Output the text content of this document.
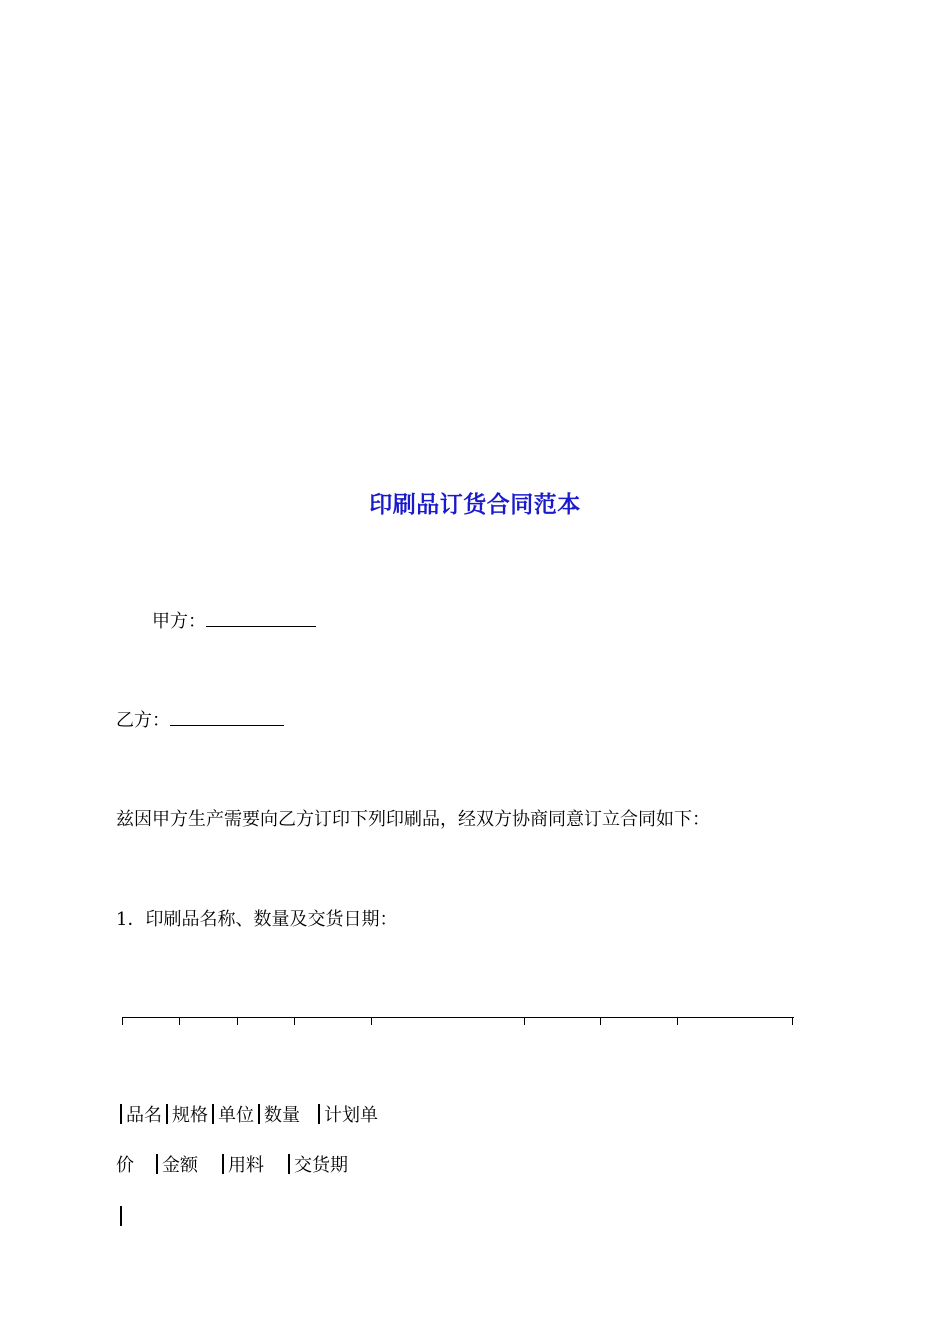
印刷品订货合同范本
甲方：
乙方：
兹因甲方生产需要向乙方订印下列印刷品，经双方协商同意订立合同如下：
1．印刷品名称、数量及交货日期：
品名 规格 单位 数量 计划单
价 金额 用料 交货期
